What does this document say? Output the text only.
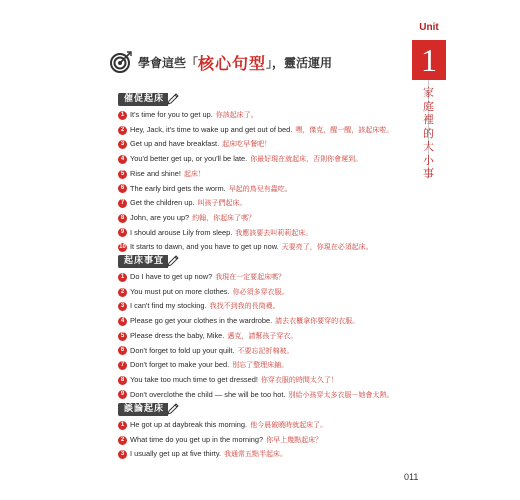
Unit
1
家庭裡的大小事
學會這些「 核心句型 」，靈活運用
催促起床
1 It's time for you to get up. 你該起床了。
2 Hey, Jack, it's time to wake up and get out of bed. 嘿，傑克，醒一醒，該起床啦。
3 Get up and have breakfast. 起床吃早餐吧！
4 You'd better get up, or you'll be late. 你最好現在就起床，否則你會遲到。
5 Rise and shine! 起床！
6 The early bird gets the worm. 早起的鳥兒有蟲吃。
7 Get the children up. 叫孩子們起床。
8 John, are you up? 約翰，你起床了嗎？
9 I should arouse Lily from sleep. 我應該要去叫莉莉起床。
10 It starts to dawn, and you have to get up now. 天要亮了，你現在必須起床。
起床事宜
1 Do I have to get up now? 我現在一定要起床嗎？
2 You must put on more clothes. 你必須多穿衣服。
3 I can't find my stocking. 我找不到我的長筒襪。
4 Please go get your clothes in the wardrobe. 請去衣櫃拿你要穿的衣服。
5 Please dress the baby, Mike. 邁克，請幫孩子穿衣。
6 Don't forget to fold up your quilt. 不要忘記折棉被。
7 Don't forget to make your bed. 別忘了整理床鋪。
8 You take too much time to get dressed! 你穿衣服的時間太久了！
9 Don't overclothe the child — she will be too hot. 別給小孩穿太多衣服－她會太熱。
談論起床
1 He got up at daybreak this morning. 他今晨破曉時就起床了。
2 What time do you get up in the morning? 你早上幾點起床？
3 I usually get up at five thirty. 我通常五點半起床。
011
